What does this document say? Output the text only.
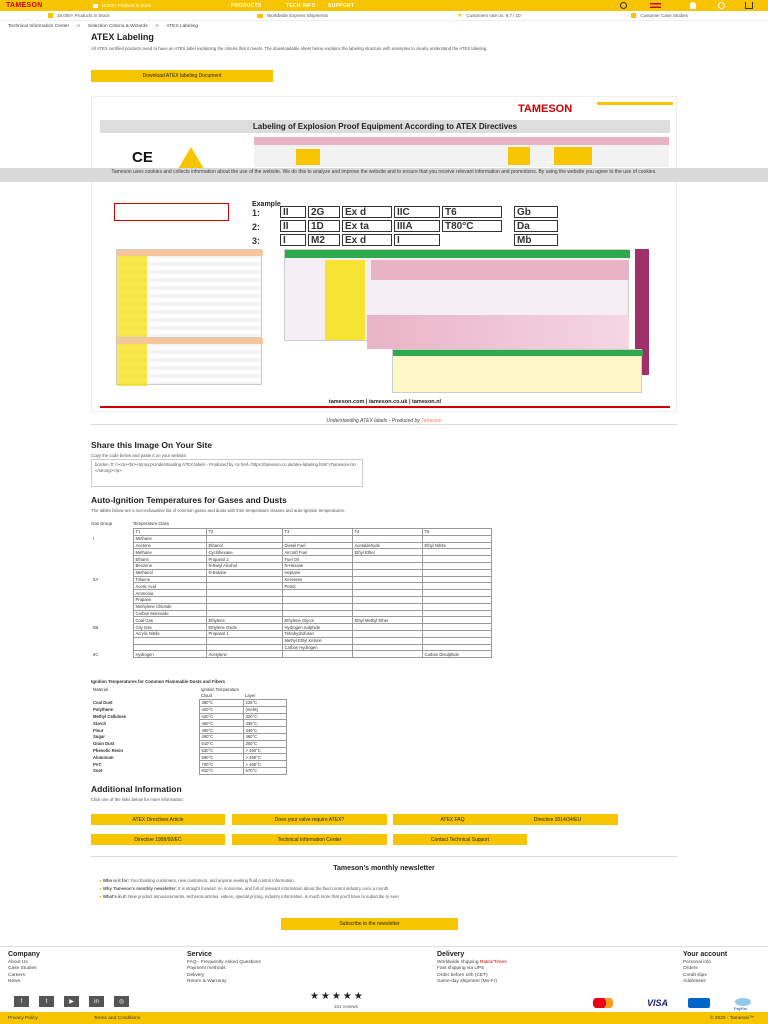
TAMESON	15.000+ Products in Stock	PRODUCTS	TECH INFO	SUPPORT
15.000+ Products in Stock	Worldwide Express Shipments	★ Customers rate us: 9.7 / 10	Customer Case Studies
Technical Information Center > Selection Criteria & Wizards > ATEX Labeling
ATEX Labeling
All ATEX certified products need to have an ATEX label explaining the criteria that it meets. The downloadable sheet below explains the labeling structure with examples to clearly understand the ATEX labeling.
Download ATEX labeling Document
TAMESON
Labeling of Explosion Proof Equipment According to ATEX Directives
CE
Example
1:
2:
3:
II	2G	Ex d	IIC	T6	Gb
II	1D	Ex ta	IIIA	T80°C	Da
I	M2	Ex d	I	Mb
tameson.com | tameson.co.uk | tameson.nl
Understanding ATEX labels - Produced by Tameson
Tameson uses cookies and collects information about the use of the website. We do this to analyze and improve the website and to ensure that you receive relevant information and promotions. By using the website you agree to the use of cookies.
Share this Image On Your Site
Copy the code below and paste it on your website:
border='0' /></a><br><strong>Understanding ATEX labels - Produced by <a href='https://tameson.co.uk/atex-labeling.html'>Tameson</a></strong></p>
Auto-Ignition Temperatures for Gases and Dusts
The tables below are a non-exhaustive list of common gases and dusts with their temperature classes and auto-ignition temperatures.
Gas Group	Temperature Class
	T1	T2	T3	T4	T6
I	Methane				
	Acetone	Ethanol	Diesel Fuel	Acetaldehyde	Ethyl Nitrite
	Methane	Cyclohexane	Aircraft Fuel	Ethyl Ether	
	Ethane	Propanol 2	Fuel Oil		
	Benzene	N-Butyl Alcohol	N-Hexane		
	Methanol	N-Butane	Heptane		
IIA	Toluene		Kerosene		
	Acetic Acid		Petrol		
	Ammonia				
	Propane				
	Methylene Chloride				
	Carbon Monoxide				
	Coal Gas	Ethylene	Ethylene Glycol	Ethyl Methyl Ether	
IIB	City Gas	Ethylene Oxide	Hydrogen Sulphide		
	Acrylic Nitrile	Propanol 1	Tetrahydrofuran		
			Methyl Ethyl Ketone		
			Carbon Hydrogen		
IIC	Hydrogen	Acetylene			Carbon Disulphide
Ignition Temperatures for Common Flammable Dusts and Fibers
Material	Ignition Temperature	
	Cloud	Layer
Coal Dust	380°C	225°C
Polythene	420°C	(melts)
Methyl Cellulose	420°C	320°C
Starch	460°C	435°C
Flour	490°C	340°C
Sugar	490°C	460°C
Grain Dust	510°C	300°C
Phenolic Resin	530°C	> 450°C
Aluminum	590°C	> 450°C
PVC	700°C	> 450°C
Soot	810°C	570°C
Additional Information
Click one of the links below for more information:
ATEX Directives Article	Does your valve require ATEX?	ATEX FAQ	Directive 2014/34/EU
Directive 1999/92/EC	Technical Information Center	Contact Technical Support
Tameson's monthly newsletter
● Who is it for: You! Existing customers, new customers, and anyone seeking fluid control information.
● Why Tameson's monthly newsletter: It is straight forward, no nonsense, and full of relevant information about the fluid control industry once a month.
● What's in it: New product announcements, technical articles, videos, special pricing, industry information, & much more that you'll have to subscribe to see!
Subscribe to the newsletter
Company
About Us
Case Studies
Careers
News
Service
FAQ - Frequently Asked Questions
Payment methods
Delivery
Return & Warranty
Delivery
Worldwide shipping Rates/Times
Fast shipping via UPS
Order before 16h (CET)
Same-day shipment (Mo-Fr)
Your account
Personal info
Orders
Credit slips
Addresses
f	t	▶	in	◎	★★★★★
161 reviews	VISA
PayPal
Privacy Policy	Terms and Conditions	© 2020 - Tameson™
